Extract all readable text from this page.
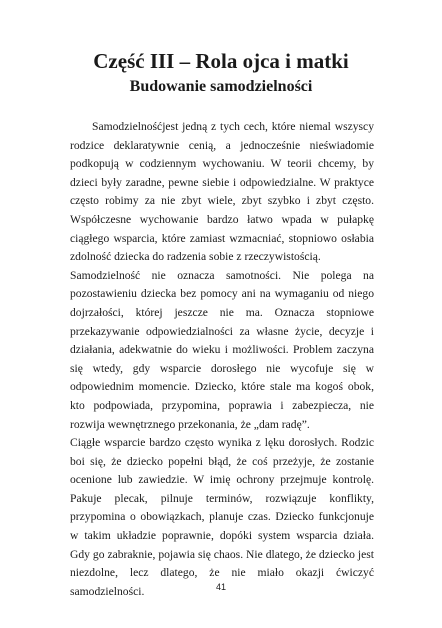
Część III – Rola ojca i matki
Budowanie samodzielności

Samodzielnośćjest jedną z tych cech, które niemal wszyscy rodzice deklaratywnie cenią, a jednocześnie nieświadomie podkopują w codziennym wychowaniu. W teorii chcemy, by dzieci były zaradne, pewne siebie i odpowiedzialne. W praktyce często robimy za nie zbyt wiele, zbyt szybko i zbyt często. Współczesne wychowanie bardzo łatwo wpada w pułapkę ciągłego wsparcia, które zamiast wzmacniać, stopniowo osłabia zdolność dziecka do radzenia sobie z rzeczywistością.

Samodzielność nie oznacza samotności. Nie polega na pozostawieniu dziecka bez pomocy ani na wymaganiu od niego dojrzałości, której jeszcze nie ma. Oznacza stopniowe przekazywanie odpowiedzialności za własne życie, decyzje i działania, adekwatnie do wieku i możliwości. Problem zaczyna się wtedy, gdy wsparcie dorosłego nie wycofuje się w odpowiednim momencie. Dziecko, które stale ma kogoś obok, kto podpowiada, przypomina, poprawia i zabezpiecza, nie rozwija wewnętrznego przekonania, że „dam radę”.

Ciągłe wsparcie bardzo często wynika z lęku dorosłych. Rodzic boi się, że dziecko popełni błąd, że coś przeżyje, że zostanie ocenione lub zawiedzie. W imię ochrony przejmuje kontrolę. Pakuje plecak, pilnuje terminów, rozwiązuje konflikty, przypomina o obowiązkach, planuje czas. Dziecko funkcjonuje w takim układzie poprawnie, dopóki system wsparcia działa. Gdy go zabraknie, pojawia się chaos. Nie dlatego, że dziecko jest niezdolne, lecz dlatego, że nie miało okazji ćwiczyć samodzielności.	41
